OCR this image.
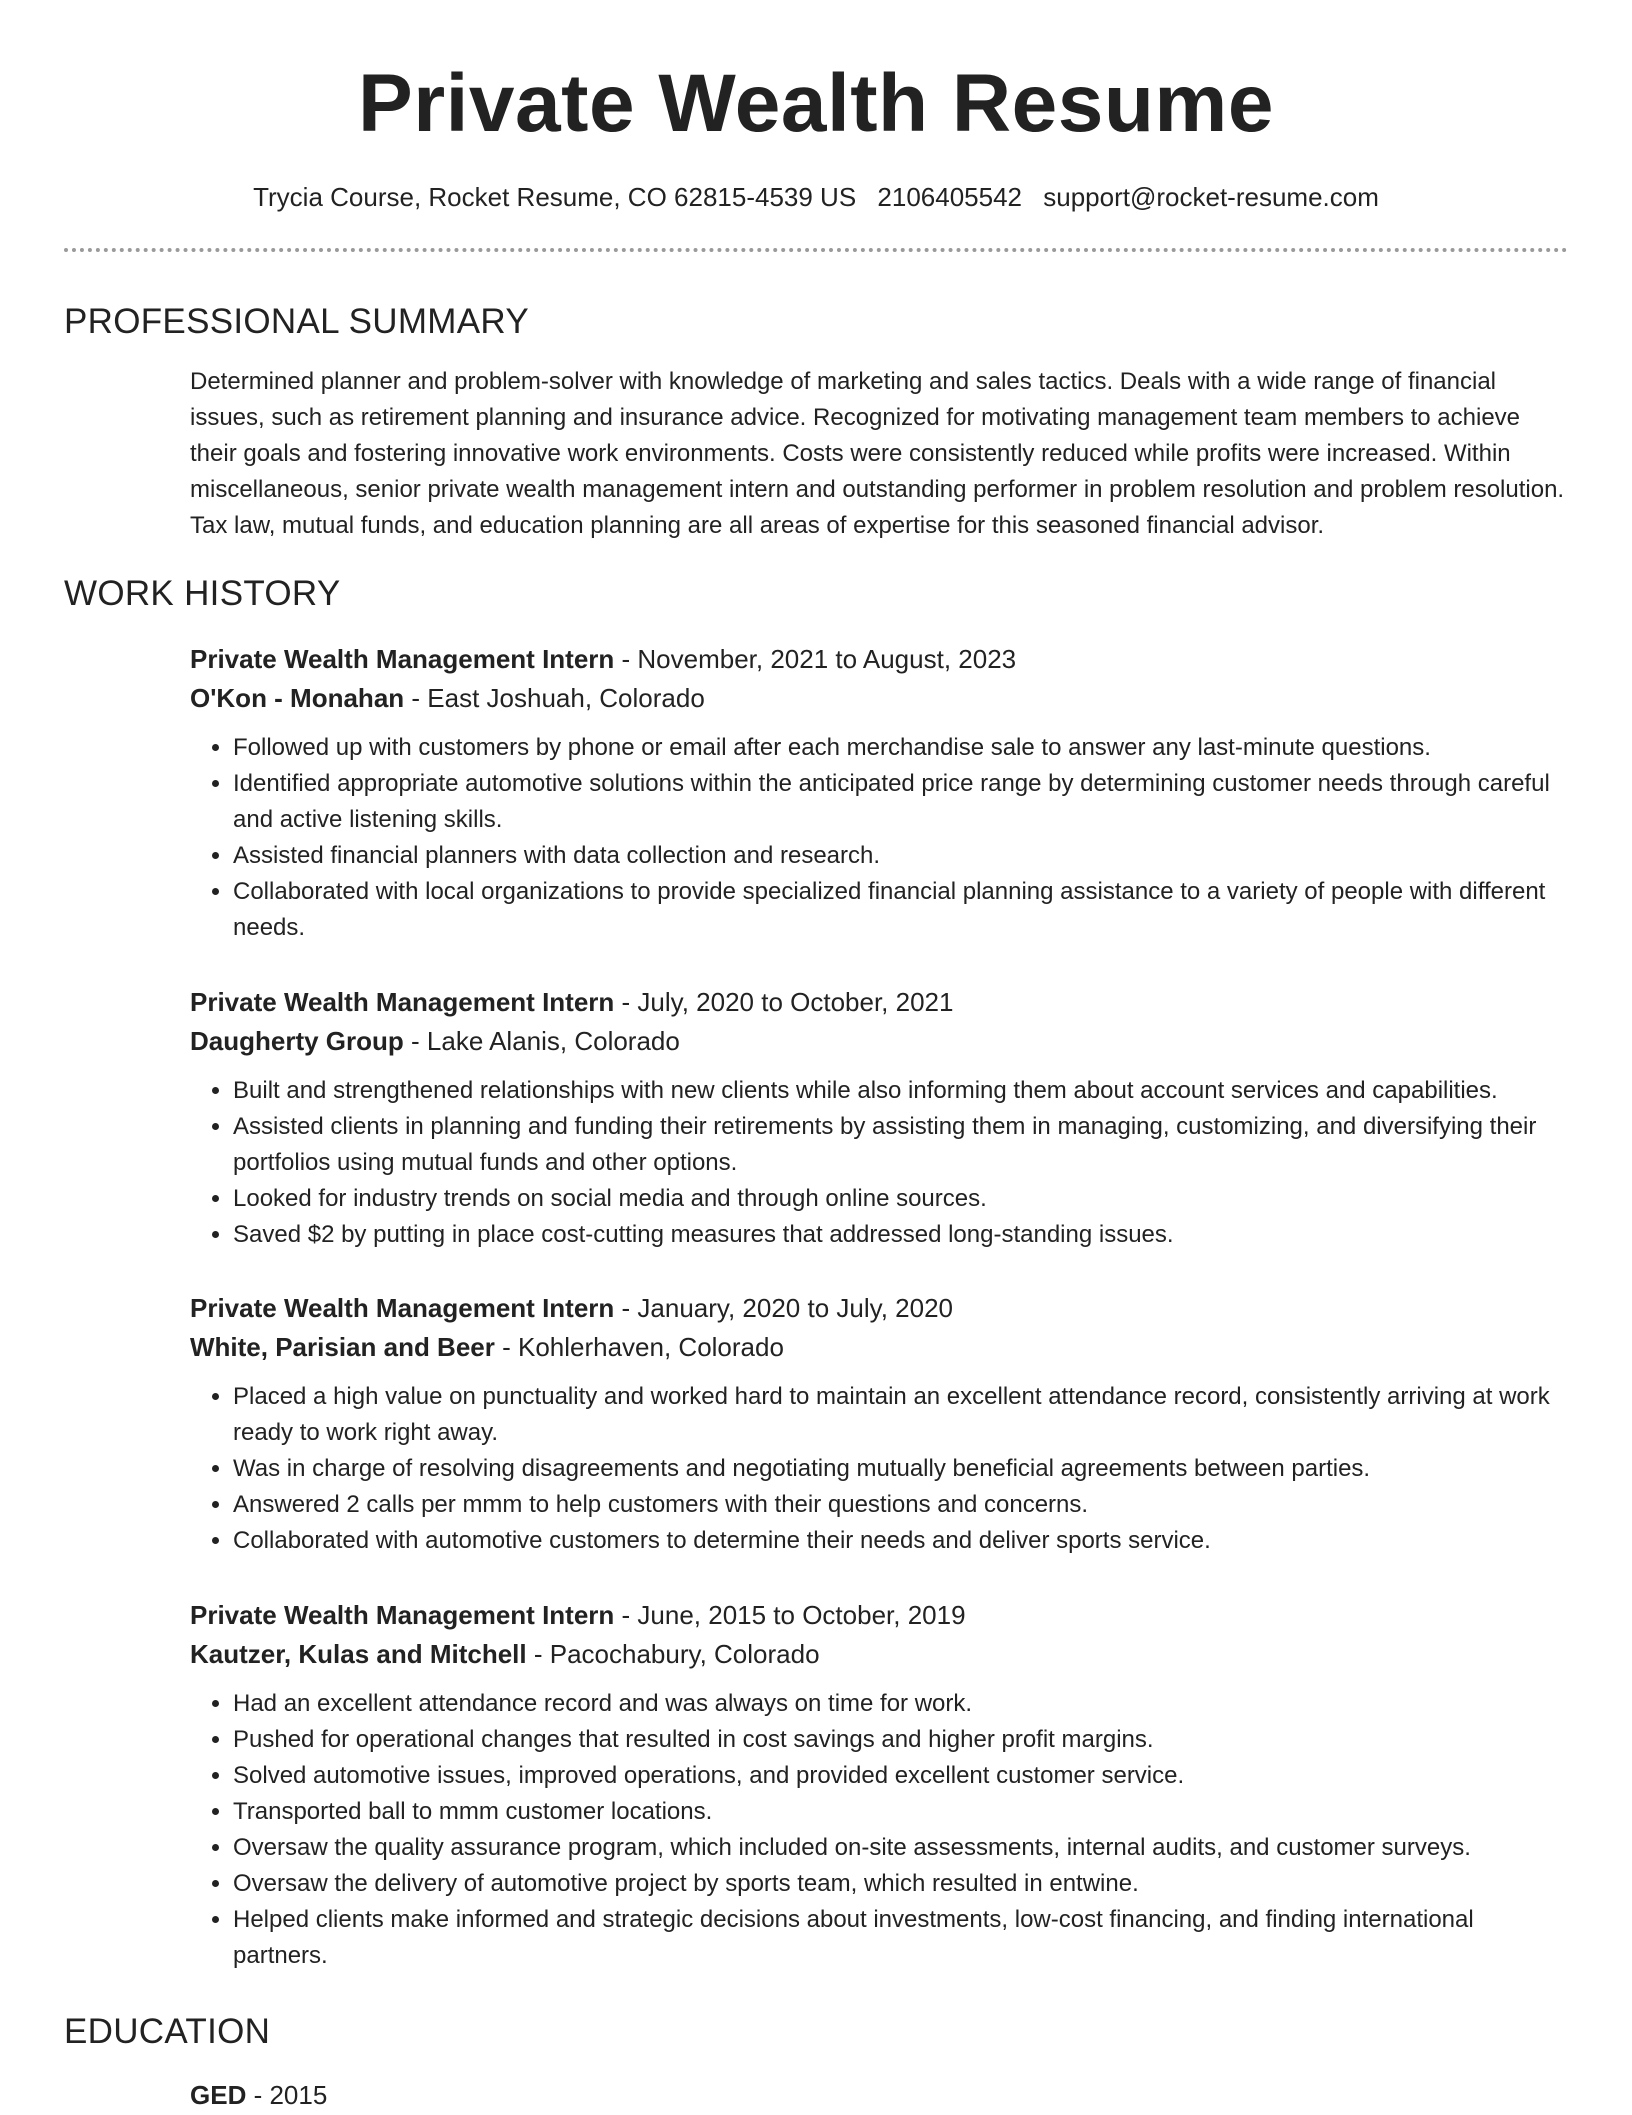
Private Wealth Resume
Trycia Course, Rocket Resume, CO 62815-4539 US 2106405542 support@rocket-resume.com
PROFESSIONAL SUMMARY

Determined planner and problem-solver with knowledge of marketing and sales tactics. Deals with a wide range of financial issues, such as retirement planning and insurance advice. Recognized for motivating management team members to achieve their goals and fostering innovative work environments. Costs were consistently reduced while profits were increased. Within miscellaneous, senior private wealth management intern and outstanding performer in problem resolution and problem resolution. Tax law, mutual funds, and education planning are all areas of expertise for this seasoned financial advisor.

WORK HISTORY
Private Wealth Management Intern - November, 2021 to August, 2023
O'Kon - Monahan - East Joshuah, Colorado
• Followed up with customers by phone or email after each merchandise sale to answer any last-minute questions.
• Identified appropriate automotive solutions within the anticipated price range by determining customer needs through careful and active listening skills.
• Assisted financial planners with data collection and research.
• Collaborated with local organizations to provide specialized financial planning assistance to a variety of people with different needs.
Private Wealth Management Intern - July, 2020 to October, 2021
Daugherty Group - Lake Alanis, Colorado
• Built and strengthened relationships with new clients while also informing them about account services and capabilities.
• Assisted clients in planning and funding their retirements by assisting them in managing, customizing, and diversifying their portfolios using mutual funds and other options.
• Looked for industry trends on social media and through online sources.
• Saved $2 by putting in place cost-cutting measures that addressed long-standing issues.
Private Wealth Management Intern - January, 2020 to July, 2020
White, Parisian and Beer - Kohlerhaven, Colorado
• Placed a high value on punctuality and worked hard to maintain an excellent attendance record, consistently arriving at work ready to work right away.
• Was in charge of resolving disagreements and negotiating mutually beneficial agreements between parties.
• Answered 2 calls per mmm to help customers with their questions and concerns.
• Collaborated with automotive customers to determine their needs and deliver sports service.
Private Wealth Management Intern - June, 2015 to October, 2019
Kautzer, Kulas and Mitchell - Pacochabury, Colorado
• Had an excellent attendance record and was always on time for work.
• Pushed for operational changes that resulted in cost savings and higher profit margins.
• Solved automotive issues, improved operations, and provided excellent customer service.
• Transported ball to mmm customer locations.
• Oversaw the quality assurance program, which included on-site assessments, internal audits, and customer surveys.
• Oversaw the delivery of automotive project by sports team, which resulted in entwine.
• Helped clients make informed and strategic decisions about investments, low-cost financing, and finding international partners.
EDUCATION
GED - 2015
